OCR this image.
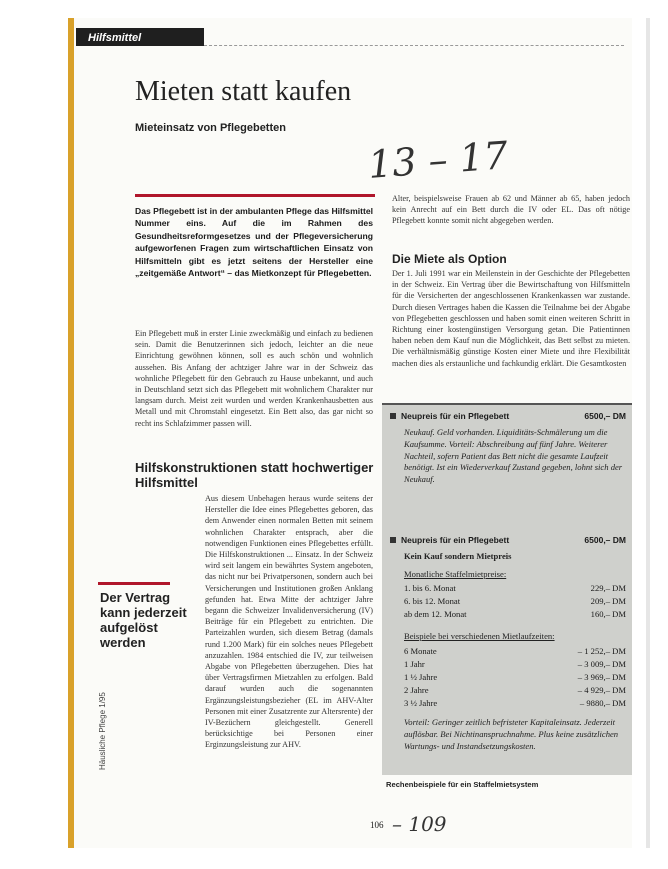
Hilfsmittel
Mieten statt kaufen
Mieteinsatz von Pflegebetten
13 – 17
Das Pflegebett ist in der ambulanten Pflege das Hilfsmittel Nummer eins. Auf die im Rahmen des Gesundheitsreformgesetzes und der Pflegeversicherung aufgeworfenen Fragen zum wirtschaftlichen Einsatz von Hilfsmitteln gibt es jetzt seitens der Hersteller eine „zeitgemäße Antwort“ – das Mietkonzept für Pflegebetten.
Ein Pflegebett muß in erster Linie zweckmäßig und einfach zu bedienen sein. Damit die Benutzerinnen sich jedoch, leichter an die neue Einrichtung gewöhnen können, soll es auch schön und wohnlich aussehen. Bis Anfang der achtziger Jahre war in der Schweiz das wohnliche Pflegebett für den Gebrauch zu Hause unbekannt, und auch in Deutschland setzt sich das Pflegebett mit wohnlichem Charakter nur langsam durch. Meist zeit wurden und werden Krankenhausbetten aus Metall und mit Chromstahl eingesetzt. Ein Bett also, das gar nicht so recht ins Schlafzimmer passen will.
Hilfskonstruktionen statt hochwertiger Hilfsmittel
Aus diesem Unbehagen heraus wurde seitens der Hersteller die Idee eines Pflegebettes geboren, das dem Anwender einen normalen Betten mit seinem wohnlichen Charakter entsprach, aber die notwendigen Funktionen eines Pflegebettes erfüllt. Die Hilfskonstruktionen ... Einsatz. In der Schweiz wird seit langem ein bewährtes System angeboten, das nicht nur bei Privatpersonen, sondern auch bei Versicherungen und Institutionen großen Anklang gefunden hat. Etwa Mitte der achtziger Jahre begann die Schweizer Invalidenversicherung (IV) Beiträge für ein Pflegebett zu entrichten. Die Parteizahlen wurden, sich diesem Betrag (damals rund 1.200 Mark) für ein solches neues Pflegebett anzuzahlen. 1984 entschied die IV, zur teilweisen Abgabe von Pflegebetten überzugehen. Dies hat über Vertragsfirmen Mietzahlen zu erfolgen. Bald darauf wurden auch die sogenannten Ergänzungsleistungsbezieher (EL im AHV-Alter Personen mit einer Zusatzrente zur Altersrente) der IV-Bezüchern gleichgestellt. Generell berücksichtige bei Personen einer Erginzungsleistung zur AHV.
Der Vertrag kann jederzeit aufgelöst werden
Häusliche Pflege 1/95
Alter, beispielsweise Frauen ab 62 und Männer ab 65, haben jedoch kein Anrecht auf ein Bett durch die IV oder EL. Das oft nötige Pflegebett konnte somit nicht abgegeben werden.
Die Miete als Option
Der 1. Juli 1991 war ein Meilenstein in der Geschichte der Pflegebetten in der Schweiz. Ein Vertrag über die Bewirtschaftung von Hilfsmitteln für die Versicherten der angeschlossenen Krankenkassen war zustande. Durch diesen Vertrages haben die Kassen die Teilnahme bei der Abgabe von Pflegebetten geschlossen und haben somit einen weiteren Schritt in Richtung einer kostengünstigen Versorgung getan. Die Patientinnen haben neben dem Kauf nun die Möglichkeit, das Bett selbst zu mieten. Die verhältnismäßig günstige Kosten einer Miete und ihre Flexibilität machen dies als erstaunliche und fachkundig erklärt. Die Gesamtkosten
Neupreis für ein Pflegebett	6500,– DM
Neukauf. Geld vorhanden. Liquiditäts-Schmälerung um die Kaufsumme. Vorteil: Abschreibung auf fünf Jahre. Weiterer Nachteil, sofern Patient das Bett nicht die gesamte Laufzeit benötigt. Ist ein Wiederverkauf Zustand gegeben, lohnt sich der Neukauf.
Neupreis für ein Pflegebett	6500,– DM
Kein Kauf sondern Mietpreis
Monatliche Staffelmietpreise:
1. bis 6. Monat	229,– DM
6. bis 12. Monat	209,– DM
ab dem 12. Monat	160,– DM
Beispiele bei verschiedenen Mietlaufzeiten:
6 Monate	– 1 252,– DM
1 Jahr	– 3 009,– DM
1 ½ Jahre	– 3 969,– DM
2 Jahre	– 4 929,– DM
3 ½ Jahre	– 9880,– DM
Vorteil: Geringer zeitlich befristeter Kapitaleinsatz. Jederzeit auflösbar. Bei Nichtinanspruchnahme. Plus keine zusätzlichen Wartungs- und Instandsetzungskosten.
Rechenbeispiele für ein Staffelmietsystem
106 – 109
